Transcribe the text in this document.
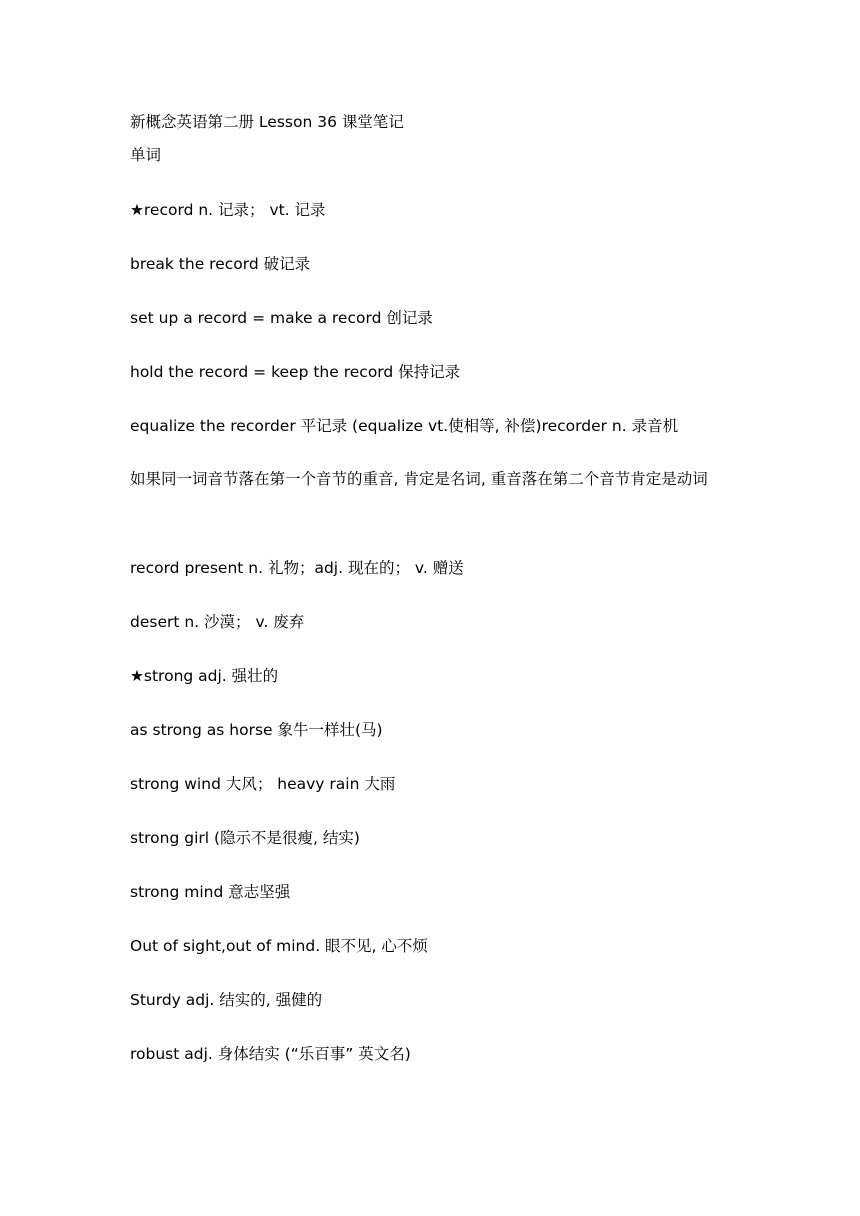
新概念英语第二册 Lesson 36 课堂笔记
单词
★record n. 记录； vt. 记录
break the record 破记录
set up a record = make a record 创记录
hold the record = keep the record 保持记录
equalize the recorder 平记录 (equalize vt.使相等, 补偿)recorder n. 录音机
如果同一词音节落在第一个音节的重音, 肯定是名词, 重音落在第二个音节肯定是动词
record present n. 礼物；adj. 现在的； v. 赠送
desert n. 沙漠； v. 废弃
★strong adj. 强壮的
as strong as horse 象牛一样壮(马)
strong wind 大风； heavy rain 大雨
strong girl (隐示不是很瘦, 结实)
strong mind 意志坚强
Out of sight,out of mind. 眼不见, 心不烦
Sturdy adj. 结实的, 强健的
robust adj. 身体结实 (“乐百事” 英文名)
